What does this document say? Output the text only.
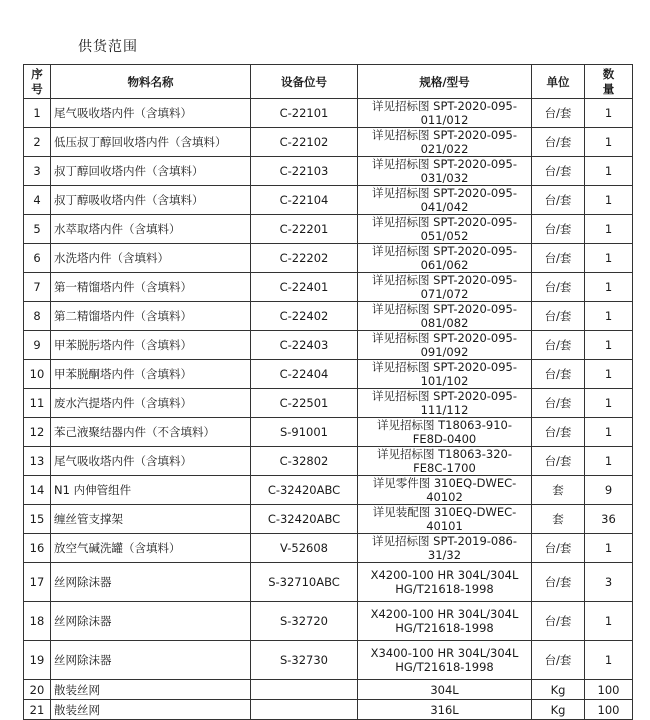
供货范围
序
号	物料名称	设备位号	规格/型号	单位	数
量

1	尾气吸收塔内件（含填料）	C-22101	详见招标图 SPT-2020-095-011/012	台/套	1
2	低压叔丁醇回收塔内件（含填料）	C-22102	详见招标图 SPT-2020-095-021/022	台/套	1
3	叔丁醇回收塔内件（含填料）	C-22103	详见招标图 SPT-2020-095-031/032	台/套	1
4	叔丁醇吸收塔内件（含填料）	C-22104	详见招标图 SPT-2020-095-041/042	台/套	1
5	水萃取塔内件（含填料）	C-22201	详见招标图 SPT-2020-095-051/052	台/套	1
6	水洗塔内件（含填料）	C-22202	详见招标图 SPT-2020-095-061/062	台/套	1
7	第一精馏塔内件（含填料）	C-22401	详见招标图 SPT-2020-095-071/072	台/套	1
8	第二精馏塔内件（含填料）	C-22402	详见招标图 SPT-2020-095-081/082	台/套	1
9	甲苯脱肟塔内件（含填料）	C-22403	详见招标图 SPT-2020-095-091/092	台/套	1
10	甲苯脱酮塔内件（含填料）	C-22404	详见招标图 SPT-2020-095-101/102	台/套	1
11	废水汽提塔内件（含填料）	C-22501	详见招标图 SPT-2020-095-111/112	台/套	1
12	苯己液聚结器内件（不含填料）	S-91001	详见招标图 T18063-910-FE8D-0400	台/套	1
13	尾气吸收塔内件（含填料）	C-32802	详见招标图 T18063-320-FE8C-1700	台/套	1
14	N1 内伸管组件	C-32420ABC	详见零件图 310EQ-DWEC-40102	套	9
15	缠丝管支撑架	C-32420ABC	详见装配图 310EQ-DWEC-40101	套	36
16	放空气碱洗罐（含填料）	V-52608	详见招标图 SPT-2019-086-31/32	台/套	1
17	丝网除沫器	S-32710ABC	X4200-100 HR 304L/304L
HG/T21618-1998	台/套	3
18	丝网除沫器	S-32720	X4200-100 HR 304L/304L
HG/T21618-1998	台/套	1
19	丝网除沫器	S-32730	X3400-100 HR 304L/304L
HG/T21618-1998	台/套	1
20	散装丝网		304L	Kg	100
21	散装丝网		316L	Kg	100
